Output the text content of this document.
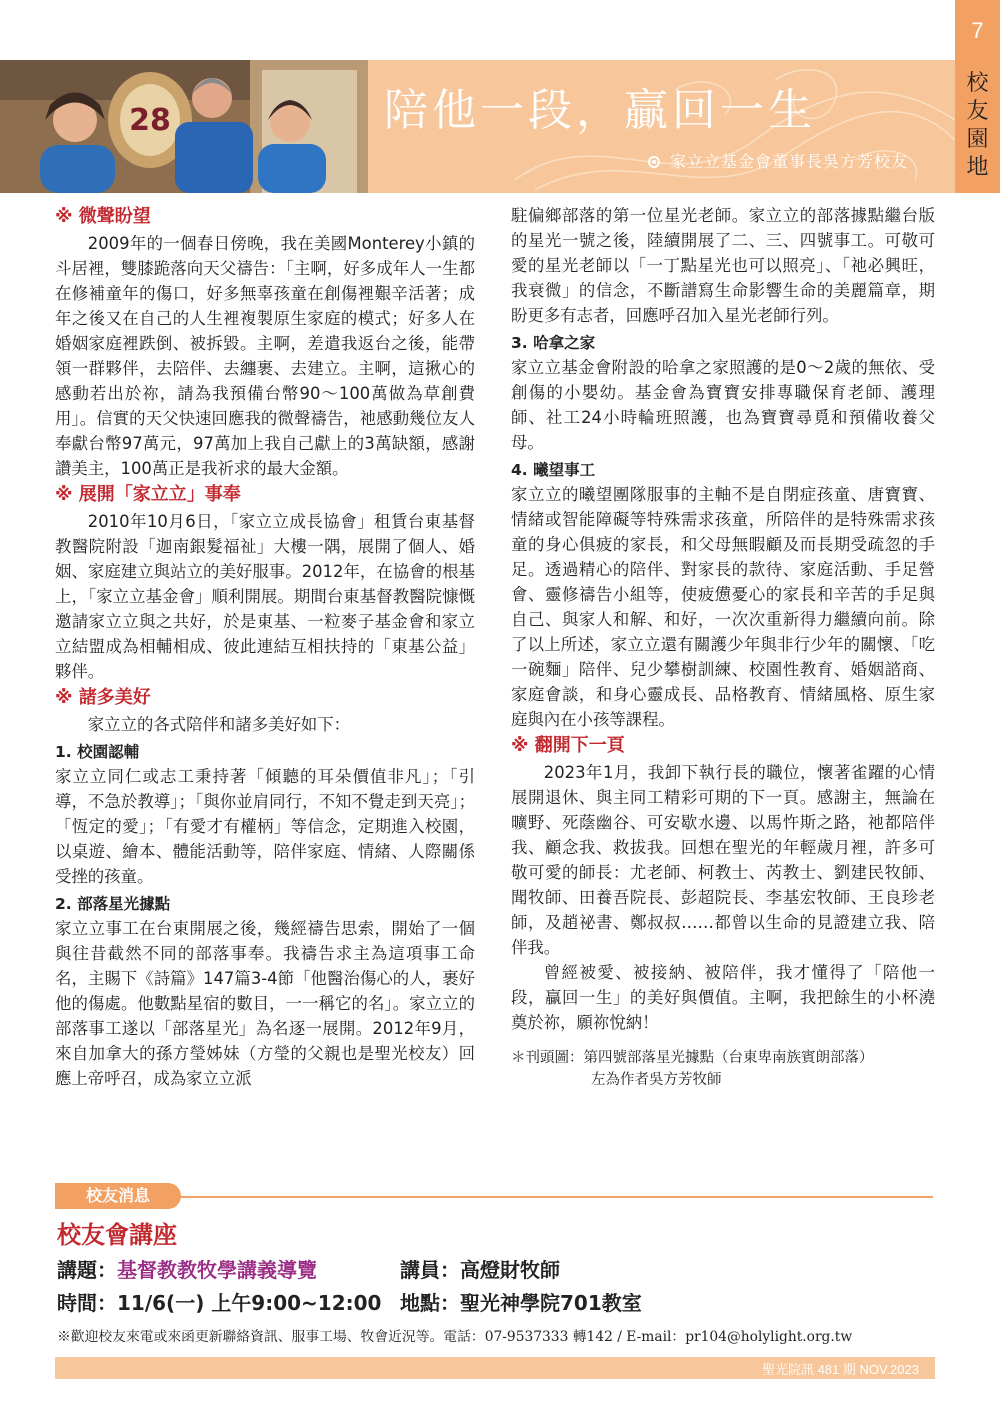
7
校友園地
28	陪他一段，贏回一生
家立立基金會董事長吳方芳校友
※ 微聲盼望

2009年的一個春日傍晚，我在美國Monterey小鎮的斗居裡，雙膝跪落向天父禱告：「主啊，好多成年人一生都在修補童年的傷口，好多無辜孩童在創傷裡艱辛活著；成年之後又在自己的人生裡複製原生家庭的模式；好多人在婚姻家庭裡跌倒、被拆毀。主啊，差遣我返台之後，能帶領一群夥伴，去陪伴、去纏裹、去建立。主啊，這揪心的感動若出於祢，請為我預備台幣90～100萬做為草創費用」。信實的天父快速回應我的微聲禱告，祂感動幾位友人奉獻台幣97萬元，97萬加上我自己獻上的3萬缺額，感謝讚美主，100萬正是我祈求的最大金額。

※ 展開「家立立」事奉

2010年10月6日，「家立立成長協會」租賃台東基督教醫院附設「迦南銀髮福祉」大樓一隅，展開了個人、婚姻、家庭建立與站立的美好服事。2012年，在協會的根基上，「家立立基金會」順利開展。期間台東基督教醫院慷慨邀請家立立與之共好，於是東基、一粒麥子基金會和家立立結盟成為相輔相成、彼此連結互相扶持的「東基公益」夥伴。

※ 諸多美好

家立立的各式陪伴和諸多美好如下：

1. 校園認輔

家立立同仁或志工秉持著「傾聽的耳朵價值非凡」；「引導，不急於教導」；「與你並肩同行，不知不覺走到天亮」；「恆定的愛」；「有愛才有權柄」等信念，定期進入校園，以桌遊、繪本、體能活動等，陪伴家庭、情緒、人際關係受挫的孩童。

2. 部落星光據點

家立立事工在台東開展之後，幾經禱告思索，開始了一個與往昔截然不同的部落事奉。我禱告求主為這項事工命名，主賜下《詩篇》147篇3-4節「他醫治傷心的人，裹好他的傷處。他數點星宿的數目，一一稱它的名」。家立立的部落事工遂以「部落星光」為名逐一展開。2012年9月，來自加拿大的孫方瑩姊妹（方瑩的父親也是聖光校友）回應上帝呼召，成為家立立派

駐偏鄉部落的第一位星光老師。家立立的部落據點繼台版的星光一號之後，陸續開展了二、三、四號事工。可敬可愛的星光老師以「一丁點星光也可以照亮」、「祂必興旺，我衰微」的信念，不斷譜寫生命影響生命的美麗篇章，期盼更多有志者，回應呼召加入星光老師行列。

3. 哈拿之家

家立立基金會附設的哈拿之家照護的是0～2歲的無依、受創傷的小嬰幼。基金會為寶寶安排專職保育老師、護理師、社工24小時輪班照護，也為寶寶尋覓和預備收養父母。

4. 曦望事工

家立立的曦望團隊服事的主軸不是自閉症孩童、唐寶寶、情緒或智能障礙等特殊需求孩童，所陪伴的是特殊需求孩童的身心俱疲的家長，和父母無暇顧及而長期受疏忽的手足。透過精心的陪伴、對家長的款待、家庭活動、手足營會、靈修禱告小組等，使疲憊憂心的家長和辛苦的手足與自己、與家人和解、和好，一次次重新得力繼續向前。除了以上所述，家立立還有關護少年與非行少年的關懷、「吃一碗麵」陪伴、兒少攀樹訓練、校園性教育、婚姻諮商、家庭會談，和身心靈成長、品格教育、情緒風格、原生家庭與內在小孩等課程。

※ 翻開下一頁

2023年1月，我卸下執行長的職位，懷著雀躍的心情展開退休、與主同工精彩可期的下一頁。感謝主，無論在曠野、死蔭幽谷、可安歇水邊、以馬忤斯之路，祂都陪伴我、顧念我、救拔我。回想在聖光的年輕歲月裡，許多可敬可愛的師長：尤老師、柯教士、芮教士、劉建民牧師、聞牧師、田養吾院長、彭超院長、李基宏牧師、王良珍老師，及趙祕書、鄭叔叔……都曾以生命的見證建立我、陪伴我。

曾經被愛、被接納、被陪伴，我才懂得了「陪他一段，贏回一生」的美好與價值。主啊，我把餘生的小杯澆奠於祢，願祢悅納！

＊刊頭圖：第四號部落星光據點（台東卑南族賓朗部落）
左為作者吳方芳牧師
校友消息
校友會講座
講題：基督教教牧學講義導覽	講員：高燈財牧師
時間：11/6(一) 上午9:00~12:00 地點：聖光神學院701教室
※歡迎校友來電或來函更新聯絡資訊、服事工場、牧會近況等。電話：07-9537333 轉142 / E-mail：pr104@holylight.org.tw
聖光院訊 481 期 NOV.2023
